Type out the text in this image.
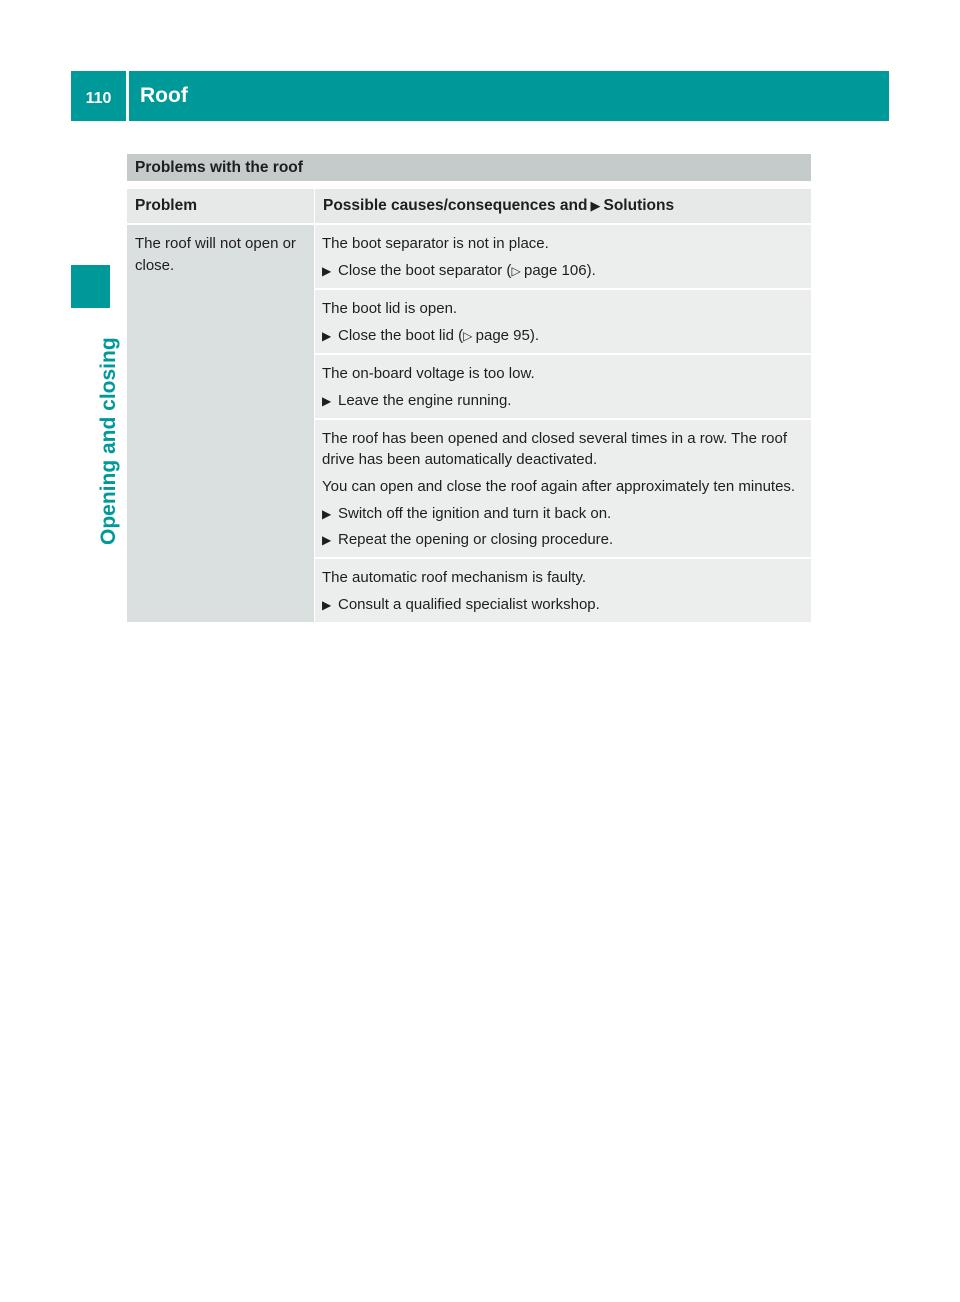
110	Roof
Opening and closing
Problems with the roof
Problem	Possible causes/consequences and ▶ Solutions
The roof will not open or close.

The boot separator is not in place.

▶ Close the boot separator (▷ page 106).

The boot lid is open.

▶ Close the boot lid (▷ page 95).

The on-board voltage is too low.

▶ Leave the engine running.

The roof has been opened and closed several times in a row. The roof drive has been automatically deactivated.

You can open and close the roof again after approximately ten minutes.

▶ Switch off the ignition and turn it back on.
▶ Repeat the opening or closing procedure.

The automatic roof mechanism is faulty.

▶ Consult a qualified specialist workshop.
